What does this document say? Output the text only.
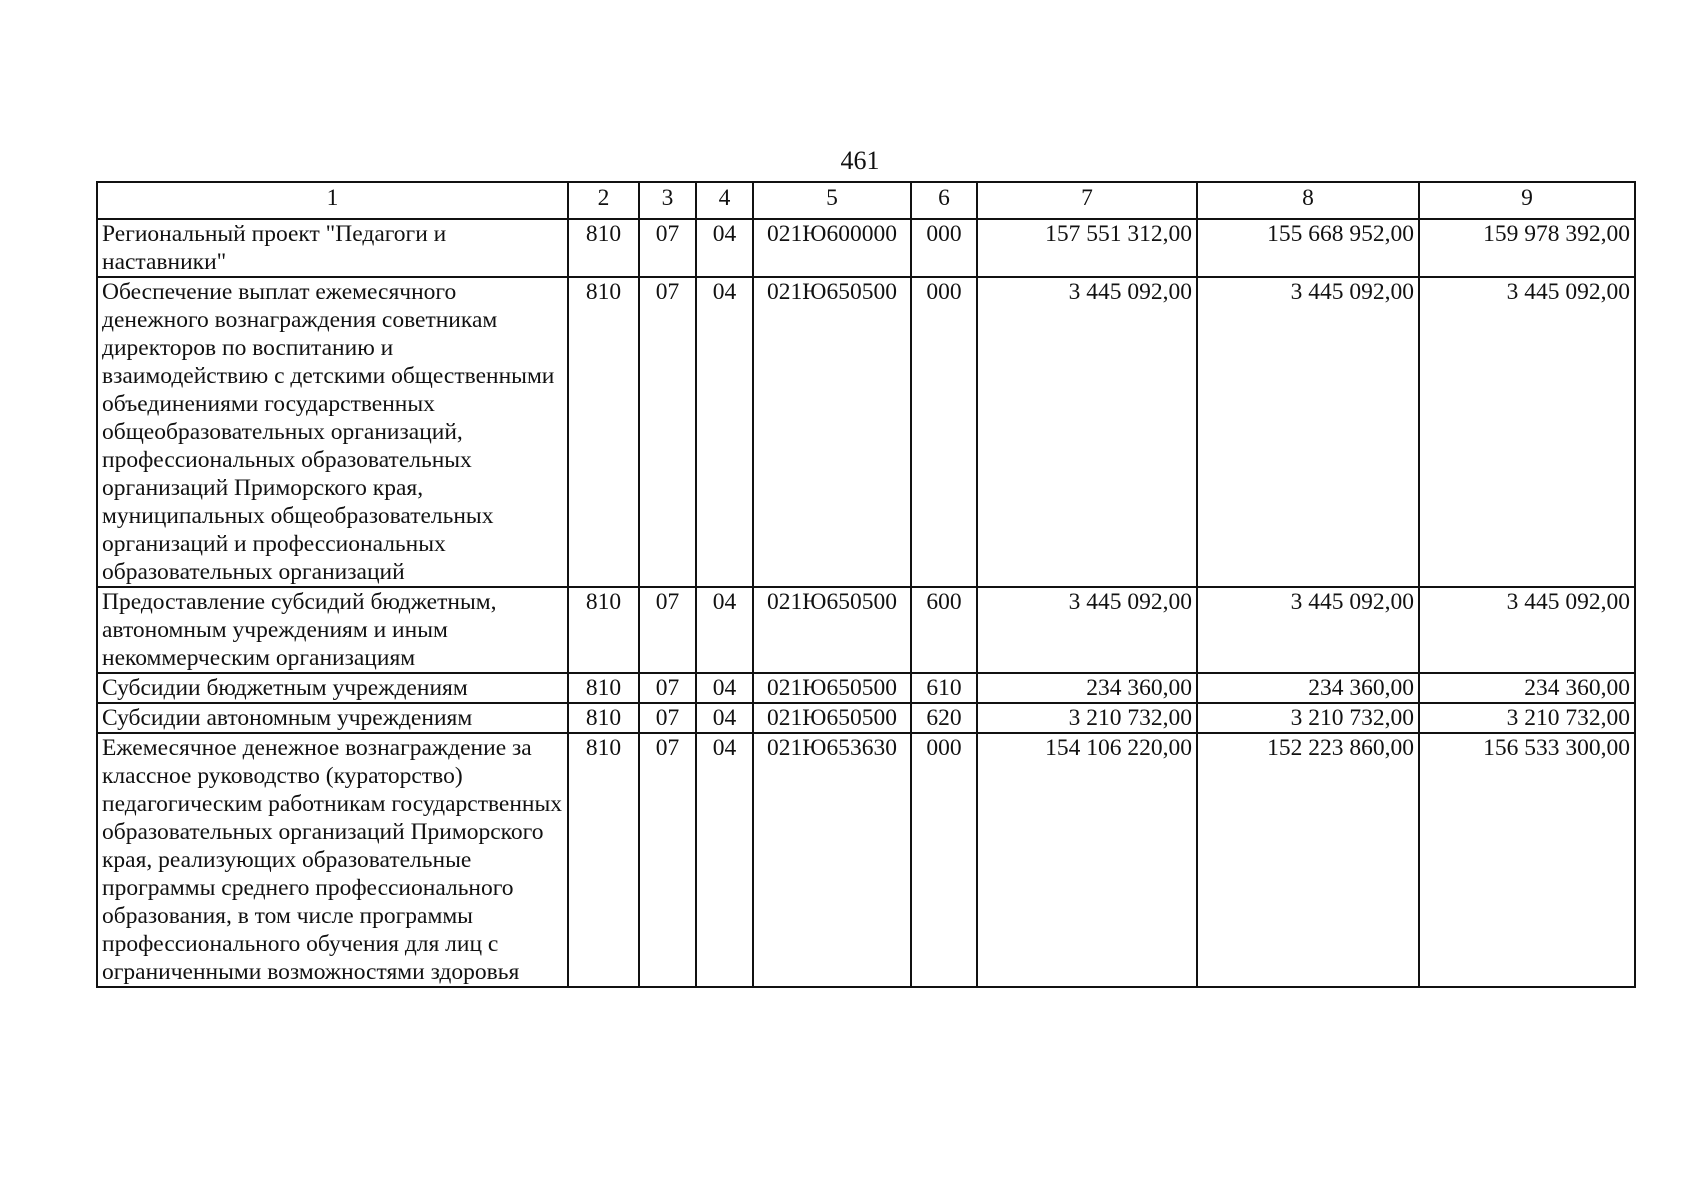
461
1	2	3	4	5	6	7	8	9
Региональный проект "Педагоги и наставники"	810	07	04	021Ю600000	000	157 551 312,00	155 668 952,00	159 978 392,00
Обеспечение выплат ежемесячного денежного вознаграждения советникам директоров по воспитанию и взаимодействию с детскими общественными объединениями государственных общеобразовательных организаций, профессиональных образовательных организаций Приморского края, муниципальных общеобразовательных организаций и профессиональных образовательных организаций	810	07	04	021Ю650500	000	3 445 092,00	3 445 092,00	3 445 092,00
Предоставление субсидий бюджетным, автономным учреждениям и иным некоммерческим организациям	810	07	04	021Ю650500	600	3 445 092,00	3 445 092,00	3 445 092,00
Субсидии бюджетным учреждениям	810	07	04	021Ю650500	610	234 360,00	234 360,00	234 360,00
Субсидии автономным учреждениям	810	07	04	021Ю650500	620	3 210 732,00	3 210 732,00	3 210 732,00
Ежемесячное денежное вознаграждение за классное руководство (кураторство) педагогическим работникам государственных образовательных организаций Приморского края, реализующих образовательные программы среднего профессионального образования, в том числе программы профессионального обучения для лиц с ограниченными возможностями здоровья	810	07	04	021Ю653630	000	154 106 220,00	152 223 860,00	156 533 300,00
